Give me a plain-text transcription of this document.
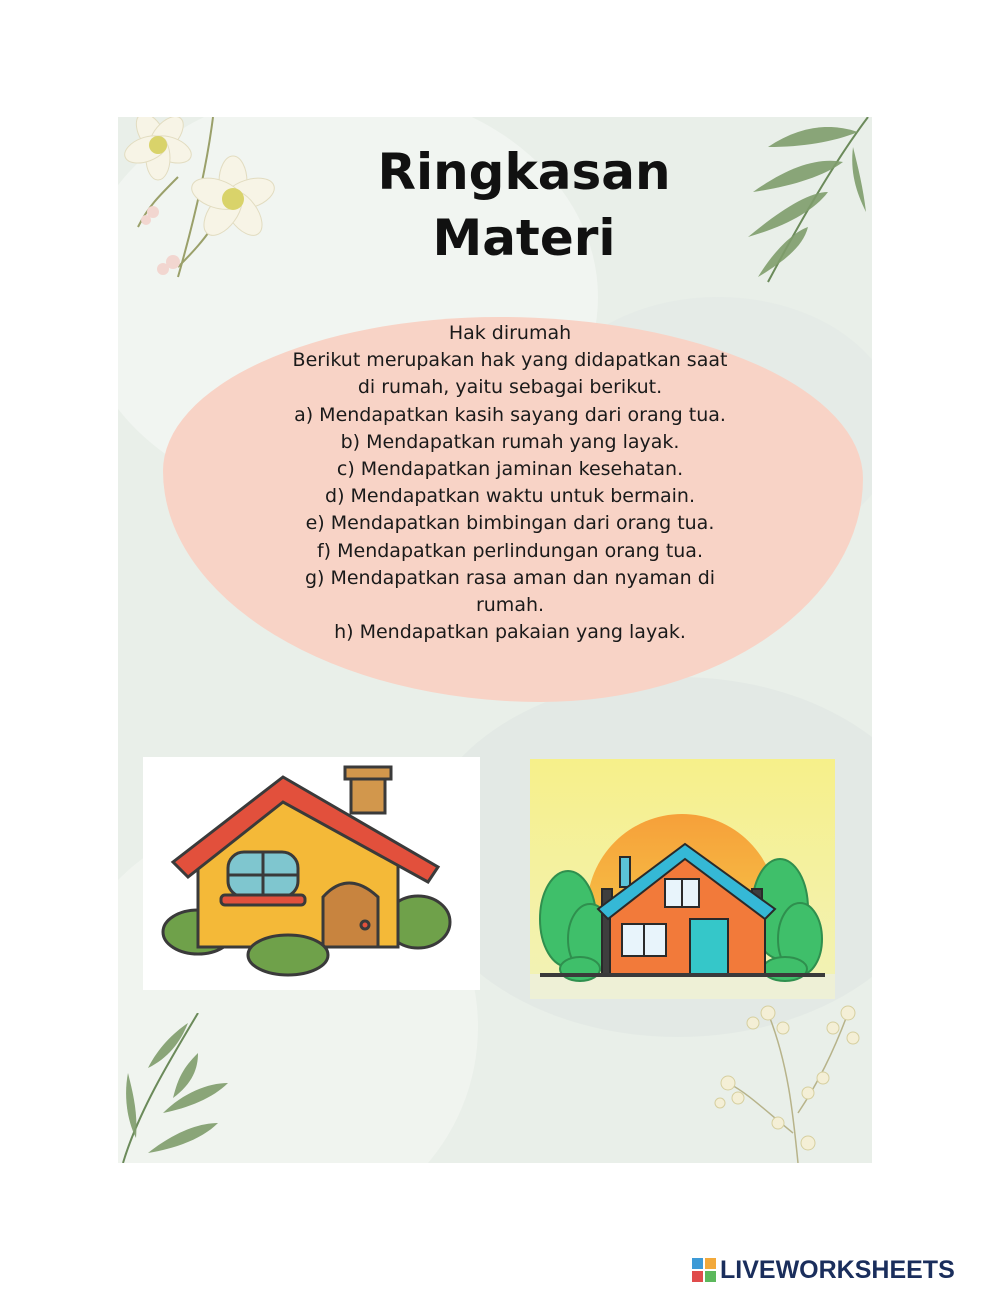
Ringkasan
Materi
Hak dirumah
Berikut merupakan hak yang didapatkan saat
di rumah, yaitu sebagai berikut.
a) Mendapatkan kasih sayang dari orang tua.
b) Mendapatkan rumah yang layak.
c) Mendapatkan jaminan kesehatan.
d) Mendapatkan waktu untuk bermain.
e) Mendapatkan bimbingan dari orang tua.
f) Mendapatkan perlindungan orang tua.
g) Mendapatkan rasa aman dan nyaman di
rumah.
h) Mendapatkan pakaian yang layak.
LIVEWORKSHEETS
